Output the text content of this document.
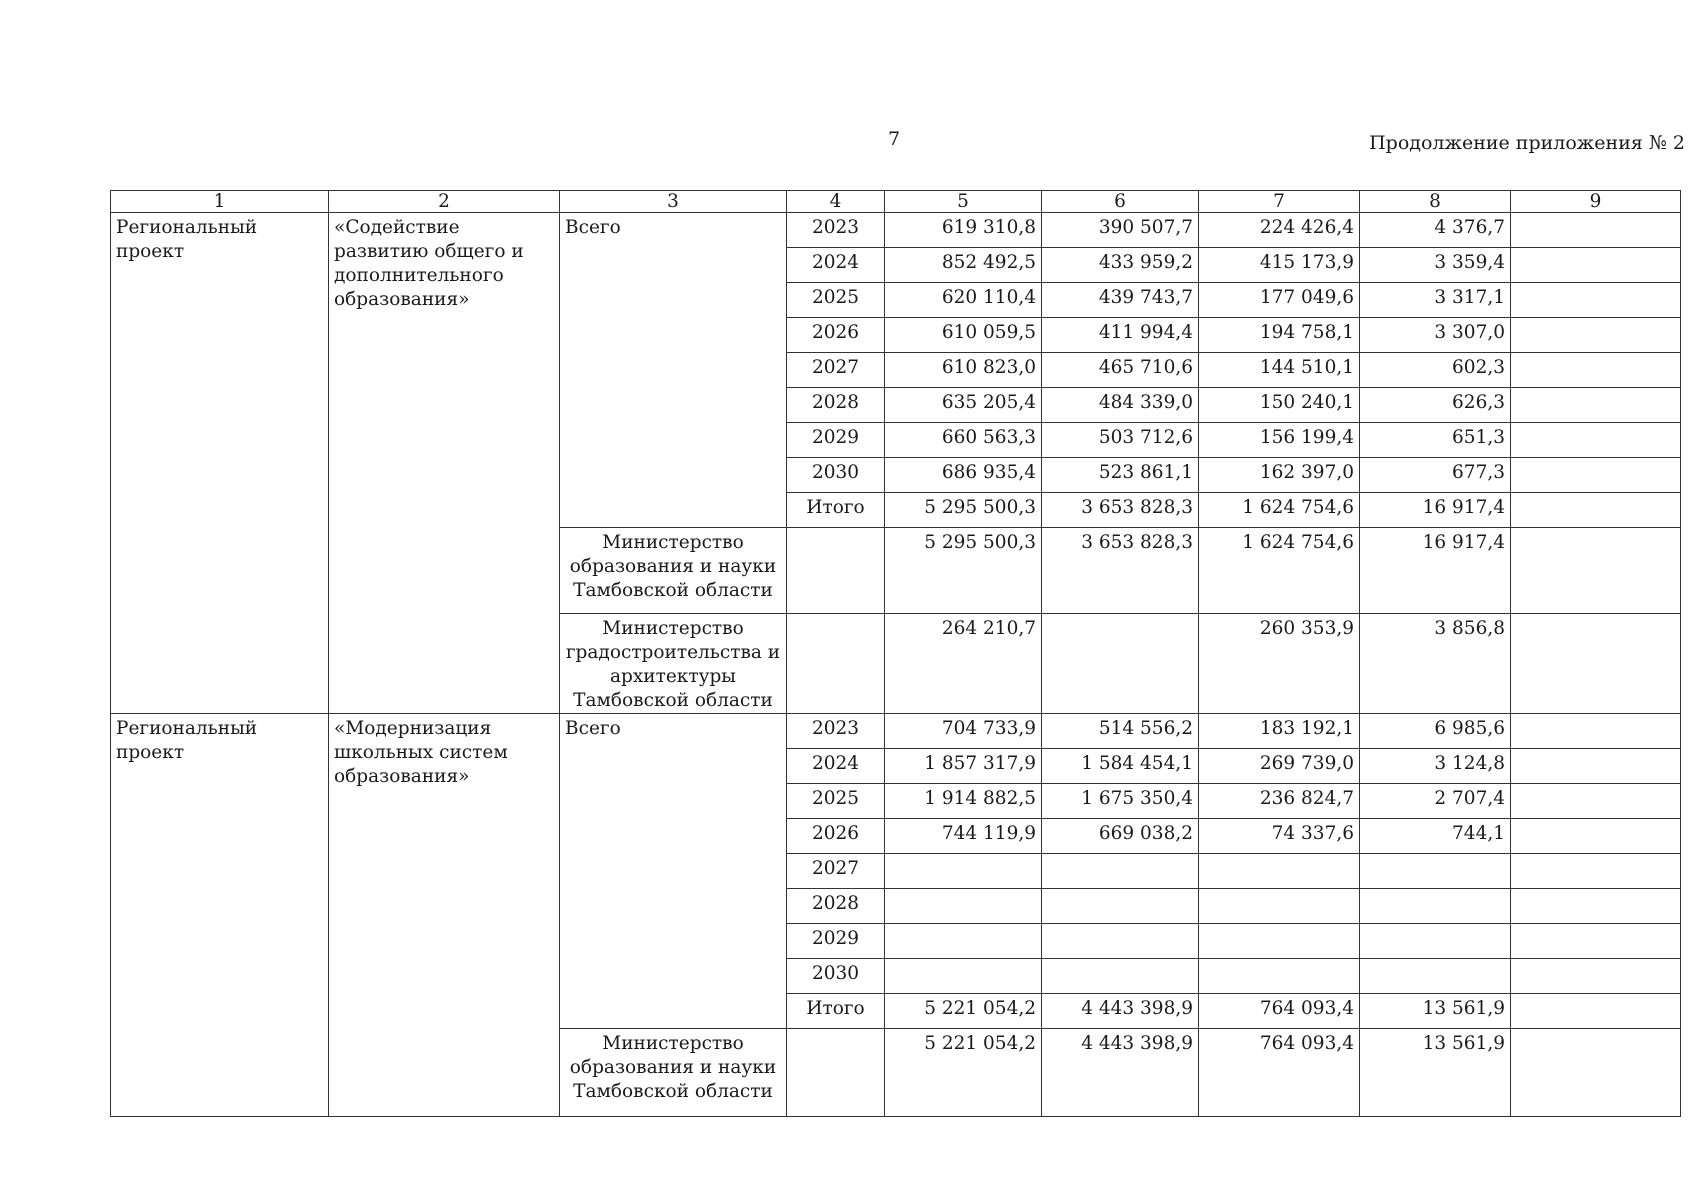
7	Продолжение приложения № 2
1	2	3	4	5	6	7	8	9
Региональный проект	«Содействие развитию общего и дополнительного образования»	Всего	2023	619 310,8	390 507,7	224 426,4	4 376,7	
			2024	852 492,5	433 959,2	415 173,9	3 359,4	
			2025	620 110,4	439 743,7	177 049,6	3 317,1	
			2026	610 059,5	411 994,4	194 758,1	3 307,0	
			2027	610 823,0	465 710,6	144 510,1	602,3	
			2028	635 205,4	484 339,0	150 240,1	626,3	
			2029	660 563,3	503 712,6	156 199,4	651,3	
			2030	686 935,4	523 861,1	162 397,0	677,3	
			Итого	5 295 500,3	3 653 828,3	1 624 754,6	16 917,4	
		Министерство образования и науки Тамбовской области		5 295 500,3	3 653 828,3	1 624 754,6	16 917,4	
		Министерство градостроительства и архитектуры Тамбовской области		264 210,7		260 353,9	3 856,8	
Региональный проект	«Модернизация школьных систем образования»	Всего	2023	704 733,9	514 556,2	183 192,1	6 985,6	
			2024	1 857 317,9	1 584 454,1	269 739,0	3 124,8	
			2025	1 914 882,5	1 675 350,4	236 824,7	2 707,4	
			2026	744 119,9	669 038,2	74 337,6	744,1	
			2027					
			2028					
			2029					
			2030					
			Итого	5 221 054,2	4 443 398,9	764 093,4	13 561,9	
		Министерство образования и науки Тамбовской области		5 221 054,2	4 443 398,9	764 093,4	13 561,9	
